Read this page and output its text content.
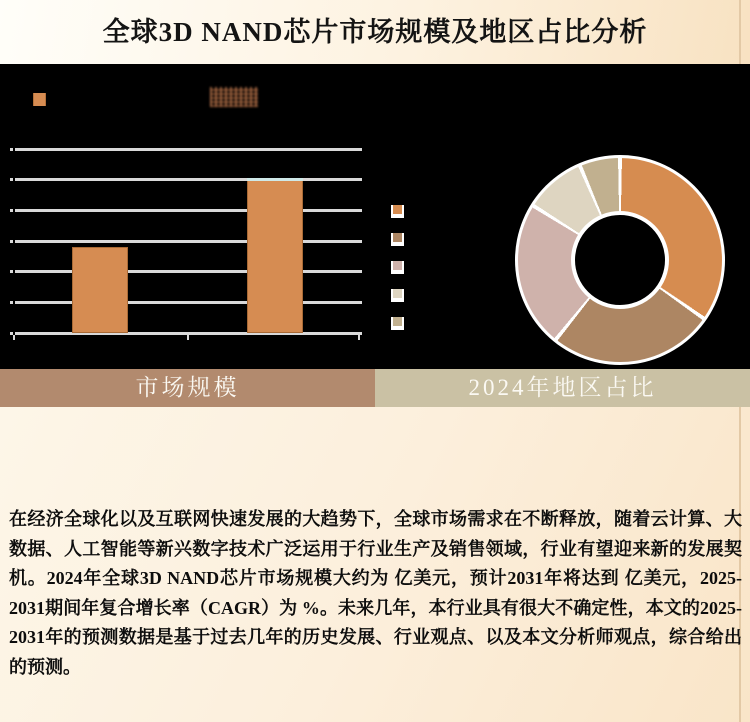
全球3D NAND芯片市场规模及地区占比分析
市场规模	2024年地区占比
在经济全球化以及互联网快速发展的大趋势下，全球市场需求在不断释放，随着云计算、大数据、人工智能等新兴数字技术广泛运用于行业生产及销售领域，行业有望迎来新的发展契机。2024年全球3D NAND芯片市场规模大约为 亿美元，预计2031年将达到 亿美元，2025-2031期间年复合增长率（CAGR）为 %。未来几年，本行业具有很大不确定性，本文的2025-2031年的预测数据是基于过去几年的历史发展、行业观点、以及本文分析师观点，综合给出的预测。
